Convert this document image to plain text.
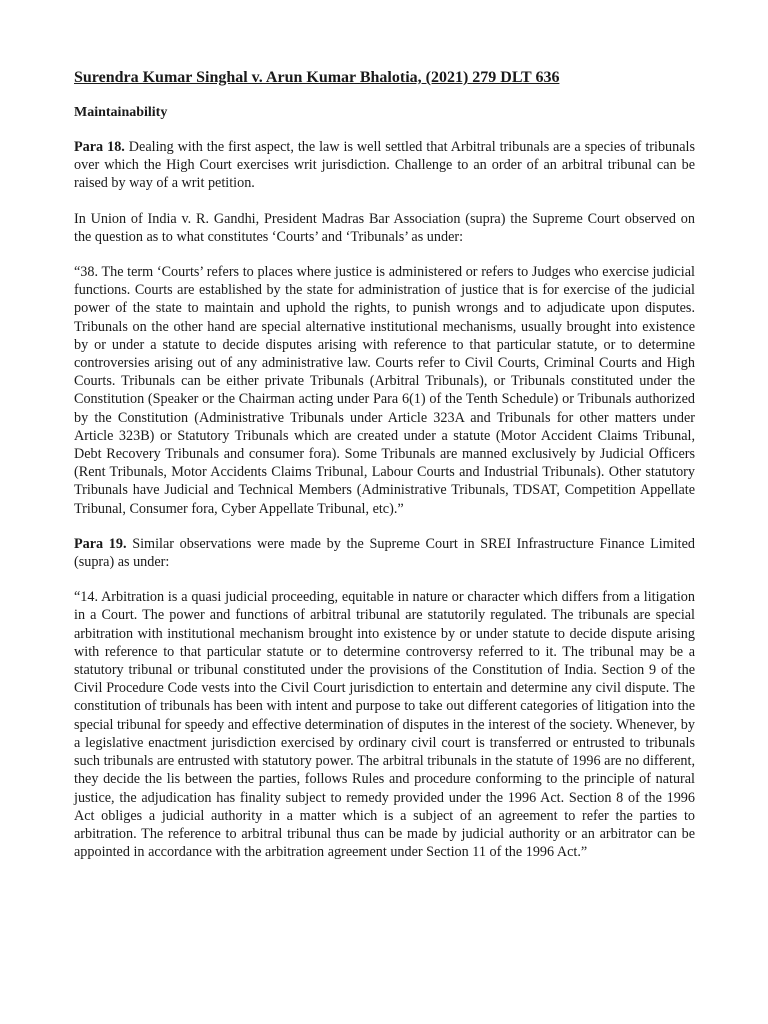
Surendra Kumar Singhal v. Arun Kumar Bhalotia, (2021) 279 DLT 636
Maintainability

Para 18. Dealing with the first aspect, the law is well settled that Arbitral tribunals are a species of tribunals over which the High Court exercises writ jurisdiction. Challenge to an order of an arbitral tribunal can be raised by way of a writ petition.

In Union of India v. R. Gandhi, President Madras Bar Association (supra) the Supreme Court observed on the question as to what constitutes ‘Courts’ and ‘Tribunals’ as under:

“38. The term ‘Courts’ refers to places where justice is administered or refers to Judges who exercise judicial functions. Courts are established by the state for administration of justice that is for exercise of the judicial power of the state to maintain and uphold the rights, to punish wrongs and to adjudicate upon disputes. Tribunals on the other hand are special alternative institutional mechanisms, usually brought into existence by or under a statute to decide disputes arising with reference to that particular statute, or to determine controversies arising out of any administrative law. Courts refer to Civil Courts, Criminal Courts and High Courts. Tribunals can be either private Tribunals (Arbitral Tribunals), or Tribunals constituted under the Constitution (Speaker or the Chairman acting under Para 6(1) of the Tenth Schedule) or Tribunals authorized by the Constitution (Administrative Tribunals under Article 323A and Tribunals for other matters under Article 323B) or Statutory Tribunals which are created under a statute (Motor Accident Claims Tribunal, Debt Recovery Tribunals and consumer fora). Some Tribunals are manned exclusively by Judicial Officers (Rent Tribunals, Motor Accidents Claims Tribunal, Labour Courts and Industrial Tribunals). Other statutory Tribunals have Judicial and Technical Members (Administrative Tribunals, TDSAT, Competition Appellate Tribunal, Consumer fora, Cyber Appellate Tribunal, etc).”

Para 19. Similar observations were made by the Supreme Court in SREI Infrastructure Finance Limited (supra) as under:

“14. Arbitration is a quasi judicial proceeding, equitable in nature or character which differs from a litigation in a Court. The power and functions of arbitral tribunal are statutorily regulated. The tribunals are special arbitration with institutional mechanism brought into existence by or under statute to decide dispute arising with reference to that particular statute or to determine controversy referred to it. The tribunal may be a statutory tribunal or tribunal constituted under the provisions of the Constitution of India. Section 9 of the Civil Procedure Code vests into the Civil Court jurisdiction to entertain and determine any civil dispute. The constitution of tribunals has been with intent and purpose to take out different categories of litigation into the special tribunal for speedy and effective determination of disputes in the interest of the society. Whenever, by a legislative enactment jurisdiction exercised by ordinary civil court is transferred or entrusted to tribunals such tribunals are entrusted with statutory power. The arbitral tribunals in the statute of 1996 are no different, they decide the lis between the parties, follows Rules and procedure conforming to the principle of natural justice, the adjudication has finality subject to remedy provided under the 1996 Act. Section 8 of the 1996 Act obliges a judicial authority in a matter which is a subject of an agreement to refer the parties to arbitration. The reference to arbitral tribunal thus can be made by judicial authority or an arbitrator can be appointed in accordance with the arbitration agreement under Section 11 of the 1996 Act.”
